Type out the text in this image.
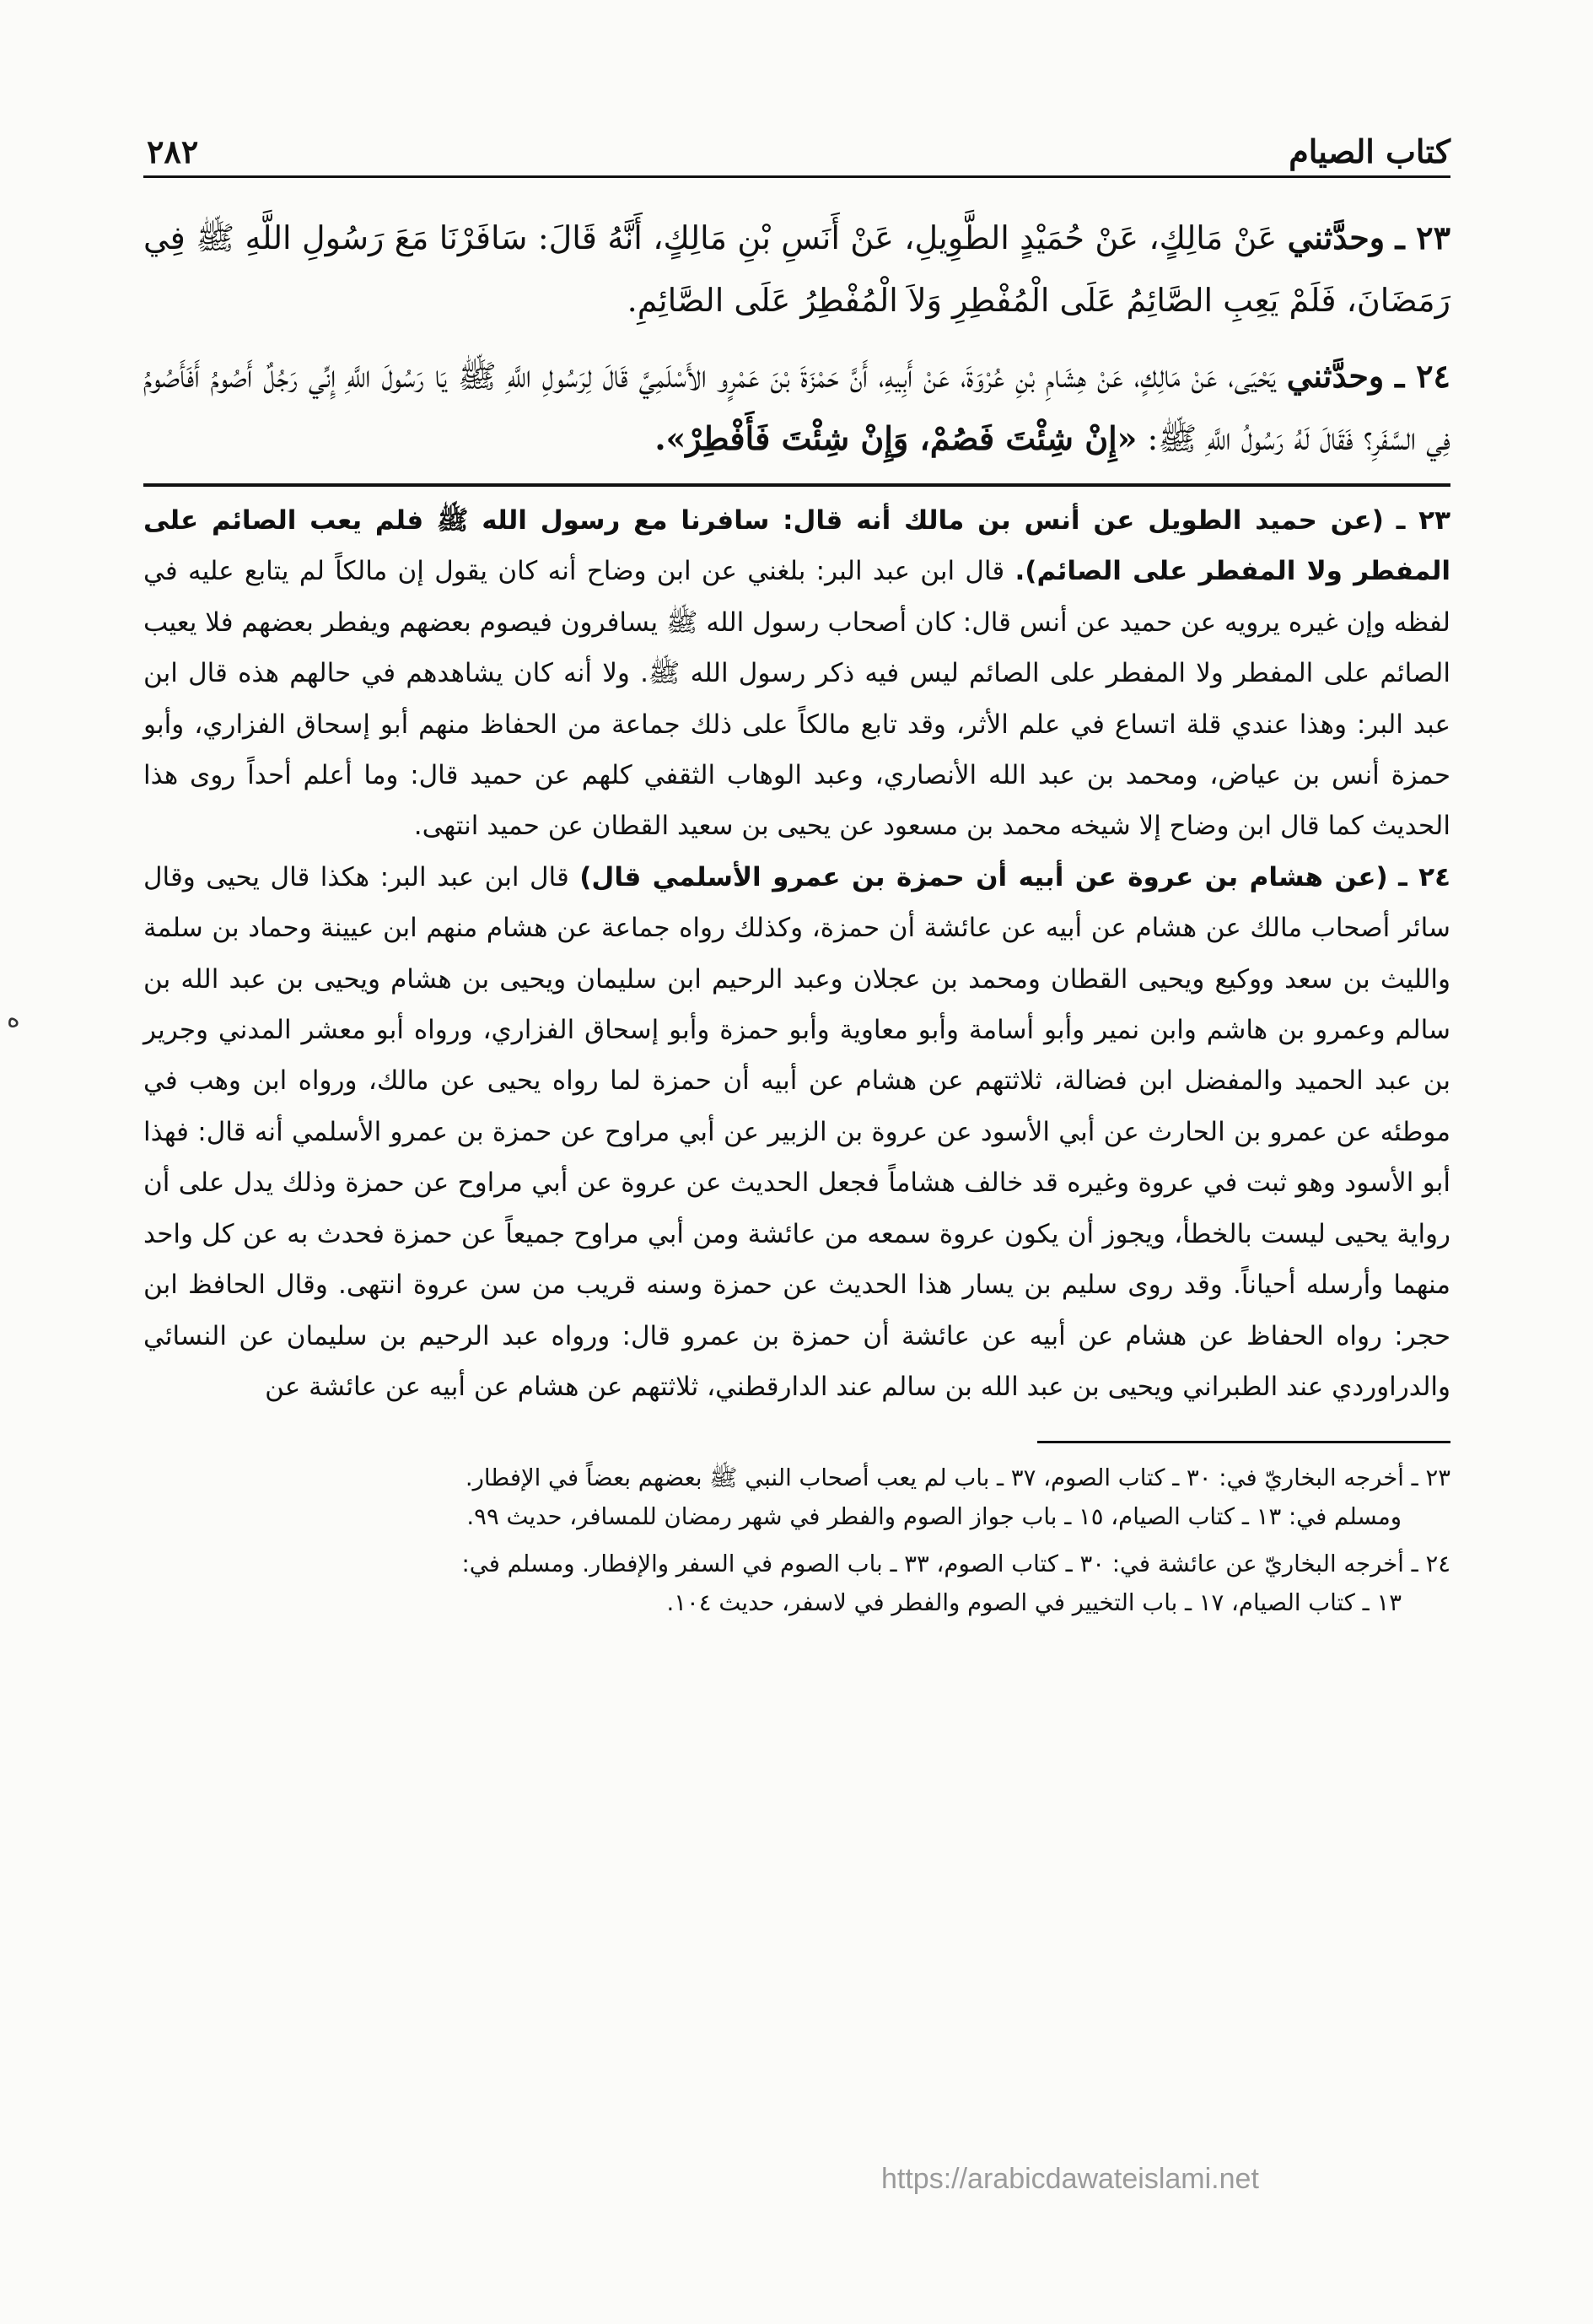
كتاب الصيام
٢٨٢

٢٣ ـ وحدَّثني عَنْ مَالِكٍ، عَنْ حُمَيْدٍ الطَّوِيلِ، عَنْ أَنَسِ بْنِ مَالِكٍ، أَنَّهُ قَالَ: سَافَرْنَا مَعَ رَسُولِ اللَّهِ ﷺ فِي رَمَضَانَ، فَلَمْ يَعِبِ الصَّائِمُ عَلَى الْمُفْطِرِ وَلاَ الْمُفْطِرُ عَلَى الصَّائِمِ.

٢٤ ـ وحدَّثني يَحْيَى، عَنْ مَالِكٍ، عَنْ هِشَامِ بْنِ عُرْوَةَ، عَنْ أَبِيهِ، أَنَّ حَمْزَةَ بْنَ عَمْرٍو الأَسْلَمِيَّ قَالَ لِرَسُولِ اللَّهِ ﷺ يَا رَسُولَ اللَّهِ إِنِّي رَجُلٌ أَصُومُ أَفَأَصُومُ فِي السَّفَرِ؟ فَقَالَ لَهُ رَسُولُ اللَّهِ ﷺ: «إِنْ شِئْتَ فَصُمْ، وَإِنْ شِئْتَ فَأَفْطِرْ».

٢٣ ـ (عن حميد الطويل عن أنس بن مالك أنه قال: سافرنا مع رسول الله ﷺ فلم يعب الصائم على المفطر ولا المفطر على الصائم). قال ابن عبد البر: بلغني عن ابن وضاح أنه كان يقول إن مالكاً لم يتابع عليه في لفظه وإن غيره يرويه عن حميد عن أنس قال: كان أصحاب رسول الله ﷺ يسافرون فيصوم بعضهم ويفطر بعضهم فلا يعيب الصائم على المفطر ولا المفطر على الصائم ليس فيه ذكر رسول الله ﷺ. ولا أنه كان يشاهدهم في حالهم هذه قال ابن عبد البر: وهذا عندي قلة اتساع في علم الأثر، وقد تابع مالكاً على ذلك جماعة من الحفاظ منهم أبو إسحاق الفزاري، وأبو حمزة أنس بن عياض، ومحمد بن عبد الله الأنصاري، وعبد الوهاب الثقفي كلهم عن حميد قال: وما أعلم أحداً روى هذا الحديث كما قال ابن وضاح إلا شيخه محمد بن مسعود عن يحيى بن سعيد القطان عن حميد انتهى.

٢٤ ـ (عن هشام بن عروة عن أبيه أن حمزة بن عمرو الأسلمي قال) قال ابن عبد البر: هكذا قال يحيى وقال سائر أصحاب مالك عن هشام عن أبيه عن عائشة أن حمزة، وكذلك رواه جماعة عن هشام منهم ابن عيينة وحماد بن سلمة والليث بن سعد ووكيع ويحيى القطان ومحمد بن عجلان وعبد الرحيم ابن سليمان ويحيى بن هشام ويحيى بن عبد الله بن سالم وعمرو بن هاشم وابن نمير وأبو أسامة وأبو معاوية وأبو حمزة وأبو إسحاق الفزاري، ورواه أبو معشر المدني وجرير بن عبد الحميد والمفضل ابن فضالة، ثلاثتهم عن هشام عن أبيه أن حمزة لما رواه يحيى عن مالك، ورواه ابن وهب في موطئه عن عمرو بن الحارث عن أبي الأسود عن عروة بن الزبير عن أبي مراوح عن حمزة بن عمرو الأسلمي أنه قال: فهذا أبو الأسود وهو ثبت في عروة وغيره قد خالف هشاماً فجعل الحديث عن عروة عن أبي مراوح عن حمزة وذلك يدل على أن رواية يحيى ليست بالخطأ، ويجوز أن يكون عروة سمعه من عائشة ومن أبي مراوح جميعاً عن حمزة فحدث به عن كل واحد منهما وأرسله أحياناً. وقد روى سليم بن يسار هذا الحديث عن حمزة وسنه قريب من سن عروة انتهى. وقال الحافظ ابن حجر: رواه الحفاظ عن هشام عن أبيه عن عائشة أن حمزة بن عمرو قال: ورواه عبد الرحيم بن سليمان عن النسائي والدراوردي عند الطبراني ويحيى بن عبد الله بن سالم عند الدارقطني، ثلاثتهم عن هشام عن أبيه عن عائشة عن

٢٣ ـ أخرجه البخاريّ في: ٣٠ ـ كتاب الصوم، ٣٧ ـ باب لم يعب أصحاب النبي ﷺ بعضهم بعضاً في الإفطار.

ومسلم في: ١٣ ـ كتاب الصيام، ١٥ ـ باب جواز الصوم والفطر في شهر رمضان للمسافر، حديث ٩٩.

٢٤ ـ أخرجه البخاريّ عن عائشة في: ٣٠ ـ كتاب الصوم، ٣٣ ـ باب الصوم في السفر والإفطار. ومسلم في:

١٣ ـ كتاب الصيام، ١٧ ـ باب التخيير في الصوم والفطر في لاسفر، حديث ١٠٤.

ﻩ
https://arabicdawateislami.net
